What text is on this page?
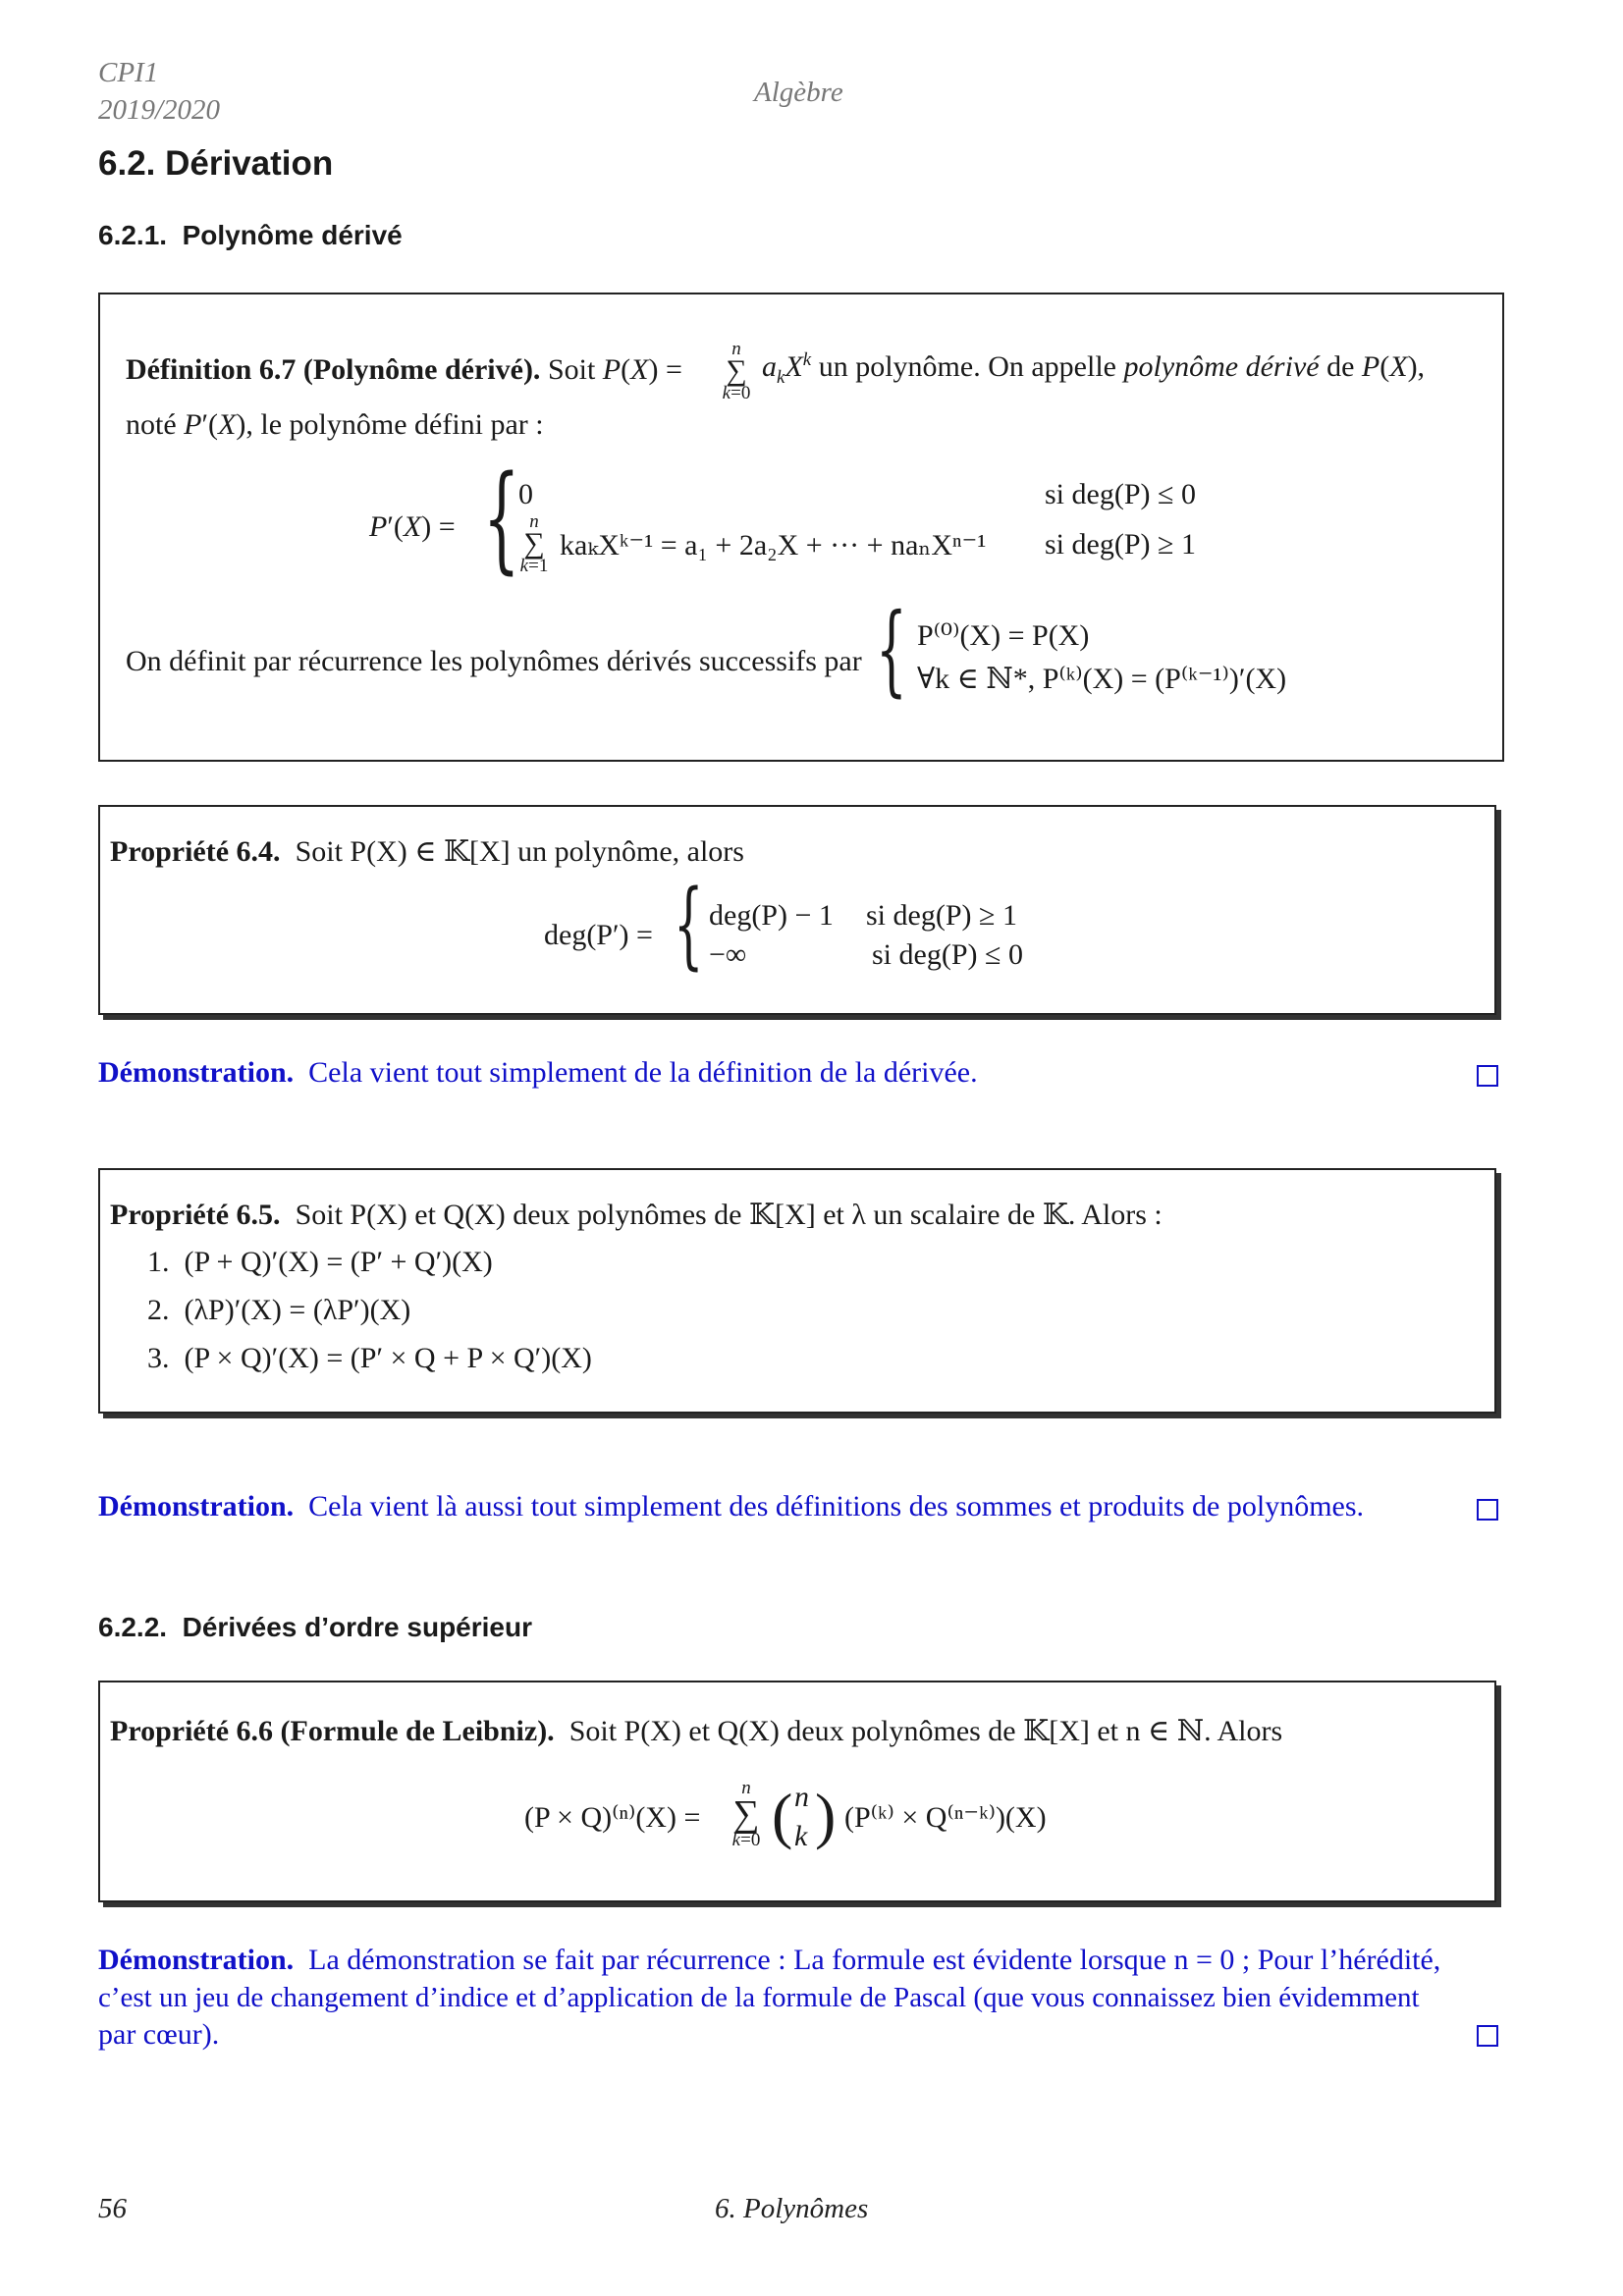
CPI1
2019/2020
Algèbre
6.2. Dérivation
6.2.1. Polynôme dérivé
Définition 6.7 (Polynôme dérivé). Soit P(X) =
n
∑
k=0
$a_kX^k$ un polynôme. On appelle polynôme dérivé de P(X),
noté P′(X), le polynôme défini par :
P′(X) = {
0
n
∑
k=1
kaₖXᵏ⁻¹ = a₁ + 2a₂X + ··· + naₙXⁿ⁻¹
si deg(P) ≤ 0
si deg(P) ≥ 1
On définit par récurrence les polynômes dérivés successifs par { P⁽⁰⁾(X) = P(X)
∀k ∈ ℕ*, P⁽ᵏ⁾(X) = (P⁽ᵏ⁻¹⁾)′(X)
Propriété 6.4. Soit P(X) ∈ 𝕂[X] un polynôme, alors
deg(P′) = { deg(P) − 1 si deg(P) ≥ 1
−∞	si deg(P) ≤ 0
Démonstration. Cela vient tout simplement de la définition de la dérivée.
Propriété 6.5. Soit P(X) et Q(X) deux polynômes de 𝕂[X] et λ un scalaire de 𝕂. Alors :
1. (P + Q)′(X) = (P′ + Q′)(X)
2. (λP)′(X) = (λP′)(X)
3. (P × Q)′(X) = (P′ × Q + P × Q′)(X)
Démonstration. Cela vient là aussi tout simplement des définitions des sommes et produits de polynômes.
6.2.2. Dérivées d’ordre supérieur
Propriété 6.6 (Formule de Leibniz). Soit P(X) et Q(X) deux polynômes de 𝕂[X] et n ∈ ℕ. Alors
(P × Q)⁽ⁿ⁾(X) =
n
∑
k=0 ( n
k ) (P⁽ᵏ⁾ × Q⁽ⁿ⁻ᵏ⁾)(X)
Démonstration. La démonstration se fait par récurrence : La formule est évidente lorsque n = 0 ; Pour l’hérédité,
c’est un jeu de changement d’indice et d’application de la formule de Pascal (que vous connaissez bien évidemment
par cœur).
56	6. Polynômes
